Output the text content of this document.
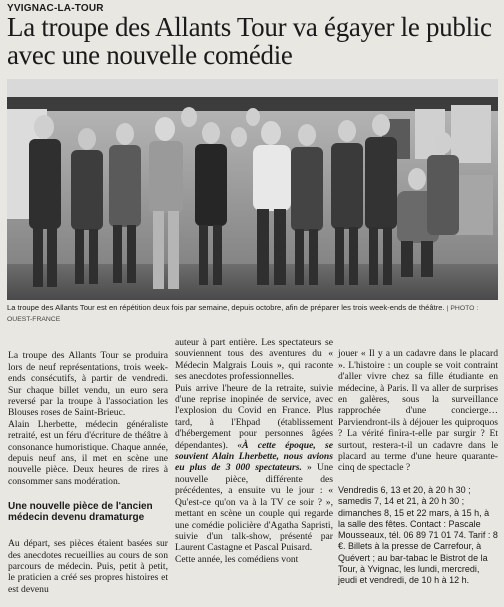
YVIGNAC-LA-TOUR
La troupe des Allants Tour va égayer le public avec une nouvelle comédie
La troupe des Allants Tour est en répétition deux fois par semaine, depuis octobre, afin de préparer les trois week-ends de théâtre. | PHOTO : OUEST-FRANCE

La troupe des Allants Tour se produira lors de neuf représentations, trois week-ends consécutifs, à partir de vendredi. Sur chaque billet vendu, un euro sera reversé par la troupe à l'association les Blouses roses de Saint-Brieuc.
Alain Lherbette, médecin généraliste retraité, est un féru d'écriture de théâtre à consonance humoristique. Chaque année, depuis neuf ans, il met en scène une nouvelle pièce. Deux heures de rires à consommer sans modération.

Une nouvelle pièce de l'ancien médecin devenu dramaturge

Au départ, ses pièces étaient basées sur des anecdotes recueillies au cours de son parcours de médecin. Puis, petit à petit, le praticien a créé ses propres histoires et est devenu

auteur à part entière. Les spectateurs se souviennent tous des aventures du « Médecin Malgrais Louis », qui raconte ses anecdotes professionnelles.
Puis arrive l'heure de la retraite, suivie d'une reprise inopinée de service, avec l'explosion du Covid en France. Plus tard, à l'Ehpad (établissement d'hébergement pour personnes âgées dépendantes). «À cette époque, se souvient Alain Lherbette, nous avions eu plus de 3 000 spectateurs. » Une nouvelle pièce, différente des précédentes, a ensuite vu le jour : « Qu'est-ce qu'on va à la TV ce soir ? », mettant en scène un couple qui regarde une comédie policière d'Agatha Sapristi, suivie d'un talk-show, présenté par Laurent Castagne et Pascal Puisard.
Cette année, les comédiens vont

jouer « Il y a un cadavre dans le placard ». L'histoire : un couple se voit contraint d'aller vivre chez sa fille étudiante en médecine, à Paris. Il va aller de surprises en galères, sous la surveillance rapprochée d'une concierge… Parviendront-ils à déjouer les quiproquos ? La vérité finira-t-elle par surgir ? Et surtout, restera-t-il un cadavre dans le placard au terme d'une heure quarante-cinq de spectacle ?

Vendredis 6, 13 et 20, à 20 h 30 ; samedis 7, 14 et 21, à 20 h 30 ; dimanches 8, 15 et 22 mars, à 15 h, à la salle des fêtes. Contact : Pascale Mousseaux, tél. 06 89 71 01 74. Tarif : 8 €. Billets à la presse de Carrefour, à Quévert ; au bar-tabac le Bistrot de la Tour, à Yvignac, les lundi, mercredi, jeudi et vendredi, de 10 h à 12 h.
